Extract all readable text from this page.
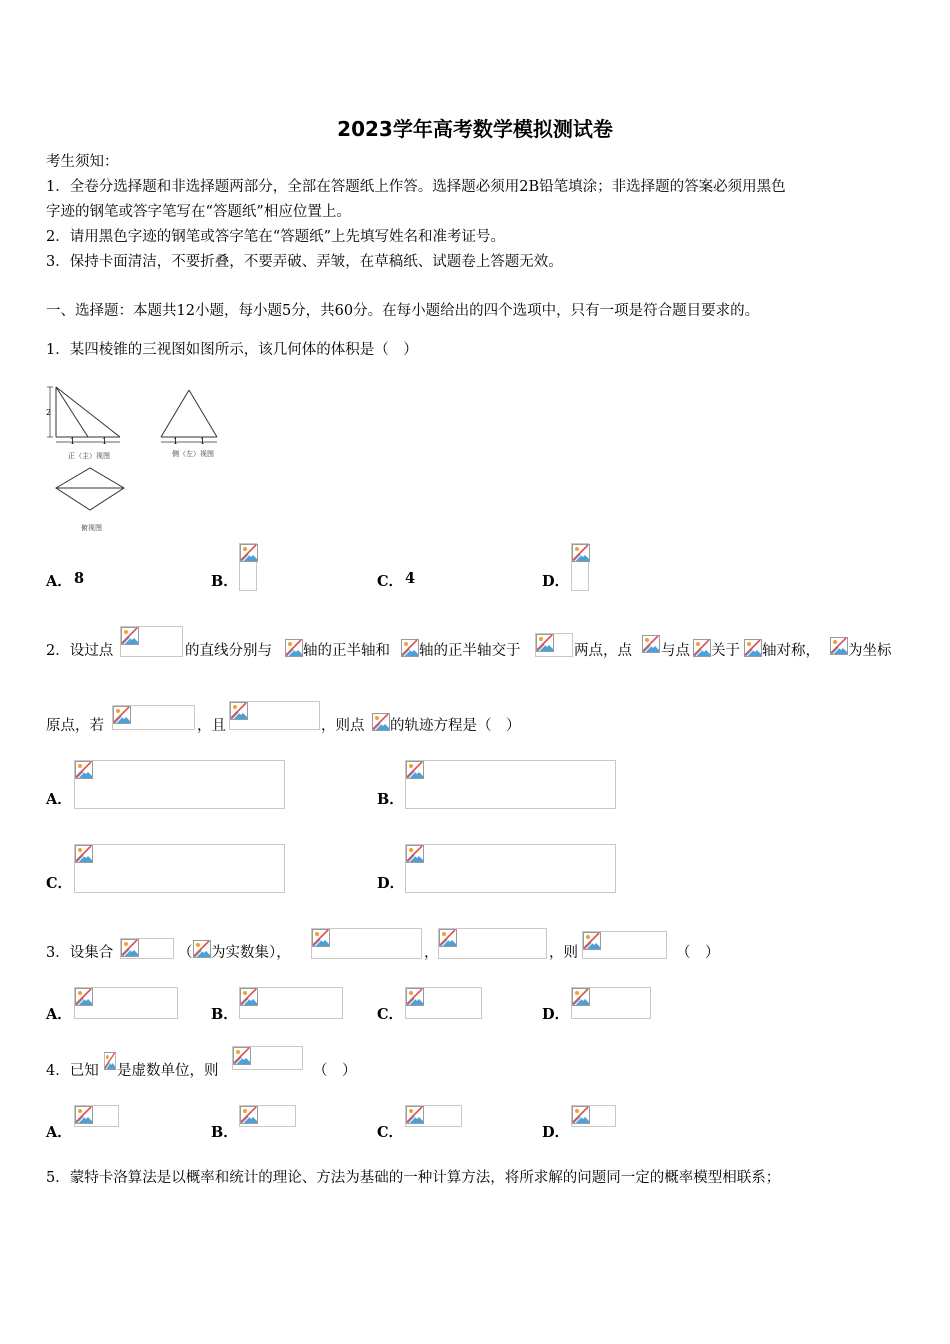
2023学年高考数学模拟测试卷
考生须知：
1．全卷分选择题和非选择题两部分，全部在答题纸上作答。选择题必须用2B铅笔填涂；非选择题的答案必须用黑色
字迹的钢笔或答字笔写在“答题纸”相应位置上。
2．请用黑色字迹的钢笔或答字笔在“答题纸”上先填写姓名和准考证号。
3．保持卡面清洁，不要折叠，不要弄破、弄皱，在草稿纸、试题卷上答题无效。
一、选择题：本题共12小题，每小题5分，共60分。在每小题给出的四个选项中，只有一项是符合题目要求的。
1．某四棱锥的三视图如图所示，该几何体的体积是（　）
2
1	1
正（主）视图
1	1
侧（左）视图
俯视图
A． 8	B．	C． 4	D．
2．设过点	的直线分别与 轴的正半轴和 轴的正半轴交于	两点，点 与点 关于 轴对称， 为坐标
原点，若	，且	，则点 的轨迹方程是（　）
A．	B．
C．	D．
3．设集合	（ 为实数集），	，	，则	（　）
A．	B．	C．	D．
4．已知 是虚数单位，则	（　）
A．	B．	C．	D．
5．蒙特卡洛算法是以概率和统计的理论、方法为基础的一种计算方法，将所求解的问题同一定的概率模型相联系；
